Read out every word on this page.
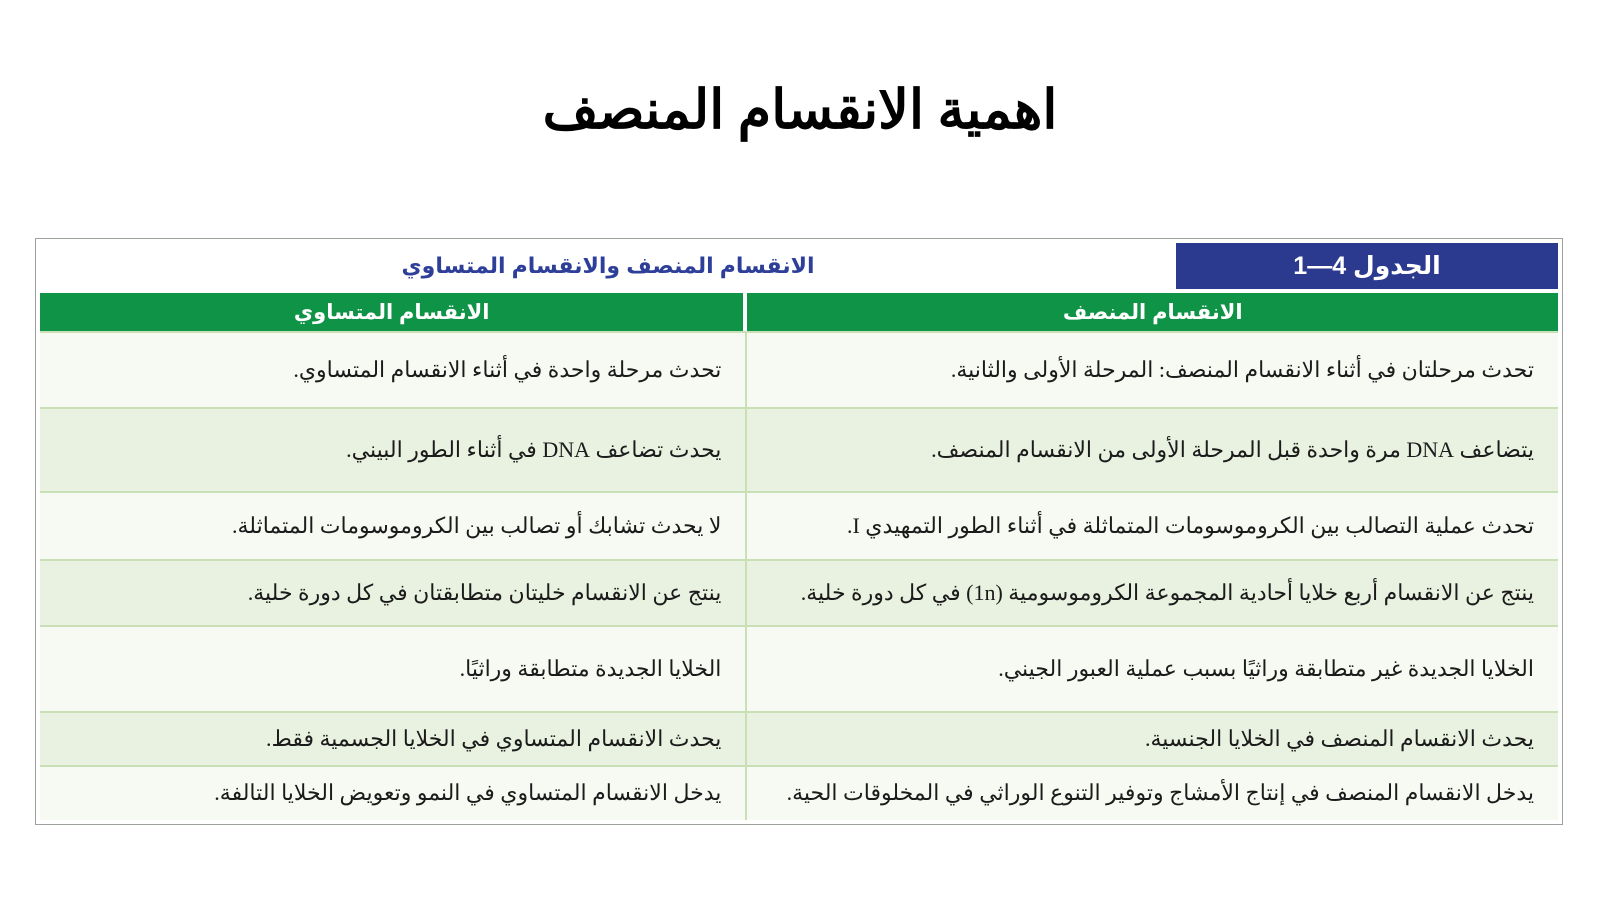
اهمية الانقسام المنصف
الجدول 4—1
الانقسام المنصف والانقسام المتساوي
الانقسام المنصف
الانقسام المتساوي
تحدث مرحلتان في أثناء الانقسام المنصف: المرحلة الأولى والثانية.
تحدث مرحلة واحدة في أثناء الانقسام المتساوي.
يتضاعف DNA مرة واحدة قبل المرحلة الأولى من الانقسام المنصف.
يحدث تضاعف DNA في أثناء الطور البيني.
تحدث عملية التصالب بين الكروموسومات المتماثلة في أثناء الطور التمهيدي I.
لا يحدث تشابك أو تصالب بين الكروموسومات المتماثلة.
ينتج عن الانقسام أربع خلايا أحادية المجموعة الكروموسومية (1n) في كل دورة خلية.
ينتج عن الانقسام خليتان متطابقتان في كل دورة خلية.
الخلايا الجديدة غير متطابقة وراثيًا بسبب عملية العبور الجيني.
الخلايا الجديدة متطابقة وراثيًا.
يحدث الانقسام المنصف في الخلايا الجنسية.
يحدث الانقسام المتساوي في الخلايا الجسمية فقط.
يدخل الانقسام المنصف في إنتاج الأمشاج وتوفير التنوع الوراثي في المخلوقات الحية.
يدخل الانقسام المتساوي في النمو وتعويض الخلايا التالفة.
